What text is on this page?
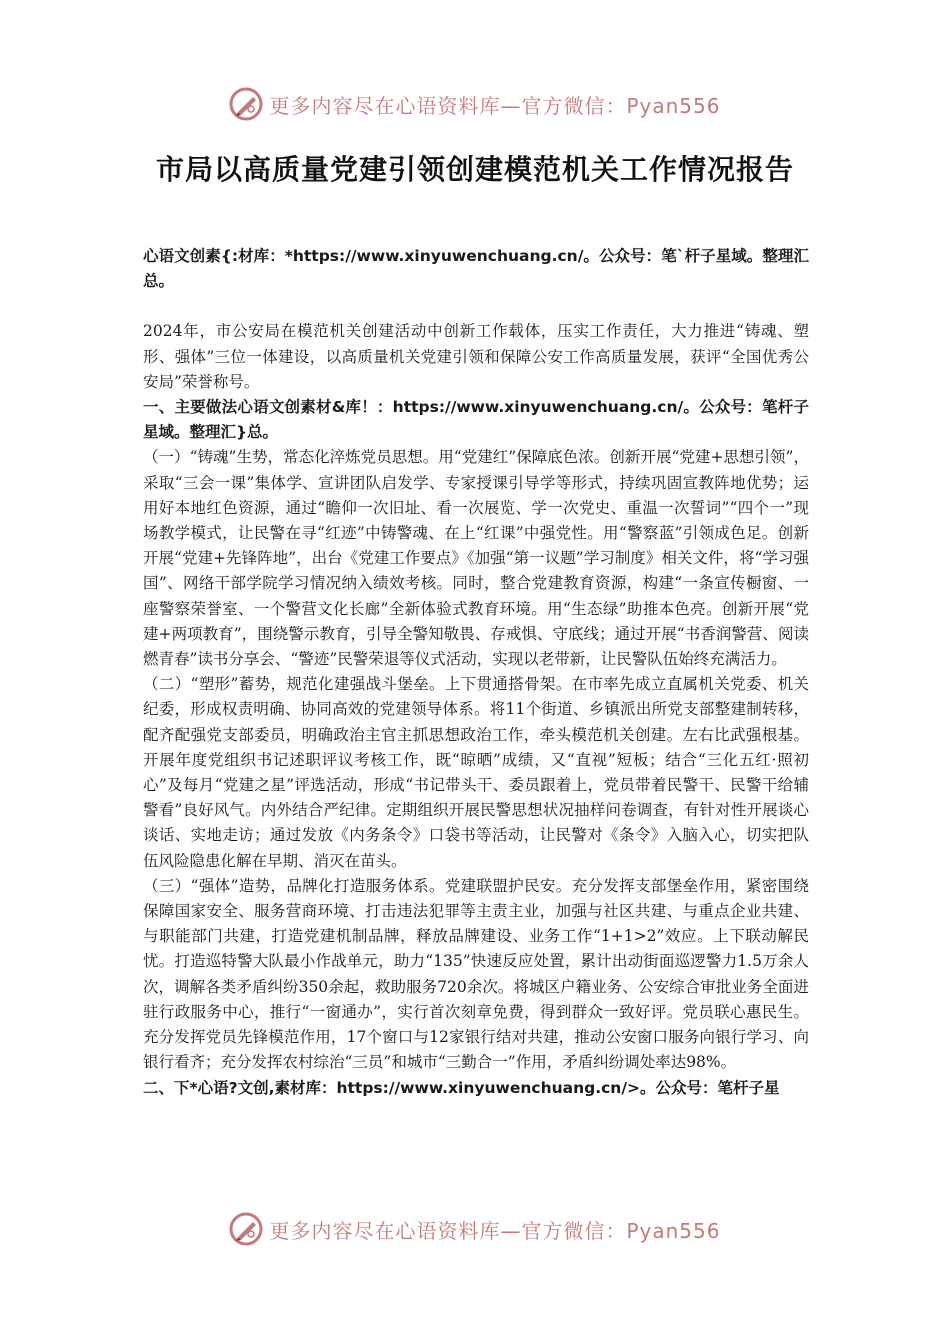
更多内容尽在心语资料库—官方微信：Pyan556
市局以高质量党建引领创建模范机关工作情况报告

心语文创素{:材库：*https://www.xinyuwenchuang.cn/。公众号：笔`杆子星域。整理汇总。

2024年，市公安局在模范机关创建活动中创新工作载体，压实工作责任，大力推进“铸魂、塑形、强体”三位一体建设，以高质量机关党建引领和保障公安工作高质量发展，获评“全国优秀公安局”荣誉称号。

一、主要做法心语文创素材&库！：https://www.xinyuwenchuang.cn/。公众号：笔杆子星域。整理汇}总。

（一）“铸魂”生势，常态化淬炼党员思想。用“党建红”保障底色浓。创新开展“党建+思想引领”，采取“三会一课”集体学、宣讲团队启发学、专家授课引导学等形式，持续巩固宣教阵地优势；运用好本地红色资源，通过“瞻仰一次旧址、看一次展览、学一次党史、重温一次誓词”“四个一”现场教学模式，让民警在寻“红迹”中铸警魂、在上“红课”中强党性。用“警察蓝”引领成色足。创新开展“党建+先锋阵地”，出台《党建工作要点》《加强“第一议题”学习制度》相关文件，将“学习强国”、网络干部学院学习情况纳入绩效考核。同时，整合党建教育资源，构建“一条宣传橱窗、一座警察荣誉室、一个警营文化长廊”全新体验式教育环境。用“生态绿”助推本色亮。创新开展“党建+两项教育”，围绕警示教育，引导全警知敬畏、存戒惧、守底线；通过开展“书香润警营、阅读燃青春”读书分享会、“警迹”民警荣退等仪式活动，实现以老带新，让民警队伍始终充满活力。

（二）“塑形”蓄势，规范化建强战斗堡垒。上下贯通搭骨架。在市率先成立直属机关党委、机关纪委，形成权责明确、协同高效的党建领导体系。将11个街道、乡镇派出所党支部整建制转移，配齐配强党支部委员，明确政治主官主抓思想政治工作，牵头模范机关创建。左右比武强根基。开展年度党组织书记述职评议考核工作，既“晾晒”成绩，又“直视”短板；结合“三化五红·照初心”及每月“党建之星”评选活动，形成“书记带头干、委员跟着上，党员带着民警干、民警干给辅警看”良好风气。内外结合严纪律。定期组织开展民警思想状况抽样问卷调查，有针对性开展谈心谈话、实地走访；通过发放《内务条令》口袋书等活动，让民警对《条令》入脑入心，切实把队伍风险隐患化解在早期、消灭在苗头。

（三）“强体”造势，品牌化打造服务体系。党建联盟护民安。充分发挥支部堡垒作用，紧密围绕保障国家安全、服务营商环境、打击违法犯罪等主责主业，加强与社区共建、与重点企业共建、与职能部门共建，打造党建机制品牌，释放品牌建设、业务工作“1+1>2”效应。上下联动解民忧。打造巡特警大队最小作战单元，助力“135”快速反应处置，累计出动街面巡逻警力1.5万余人次，调解各类矛盾纠纷350余起，救助服务720余次。将城区户籍业务、公安综合审批业务全面进驻行政服务中心，推行“一窗通办”，实行首次刻章免费，得到群众一致好评。党员联心惠民生。充分发挥党员先锋模范作用，17个窗口与12家银行结对共建，推动公安窗口服务向银行学习、向银行看齐；充分发挥农村综治“三员”和城市“三勤合一”作用，矛盾纠纷调处率达98%。

二、下*心语?文创,素材库：https://www.xinyuwenchuang.cn/>。公众号：笔杆子星

更多内容尽在心语资料库—官方微信：Pyan556
